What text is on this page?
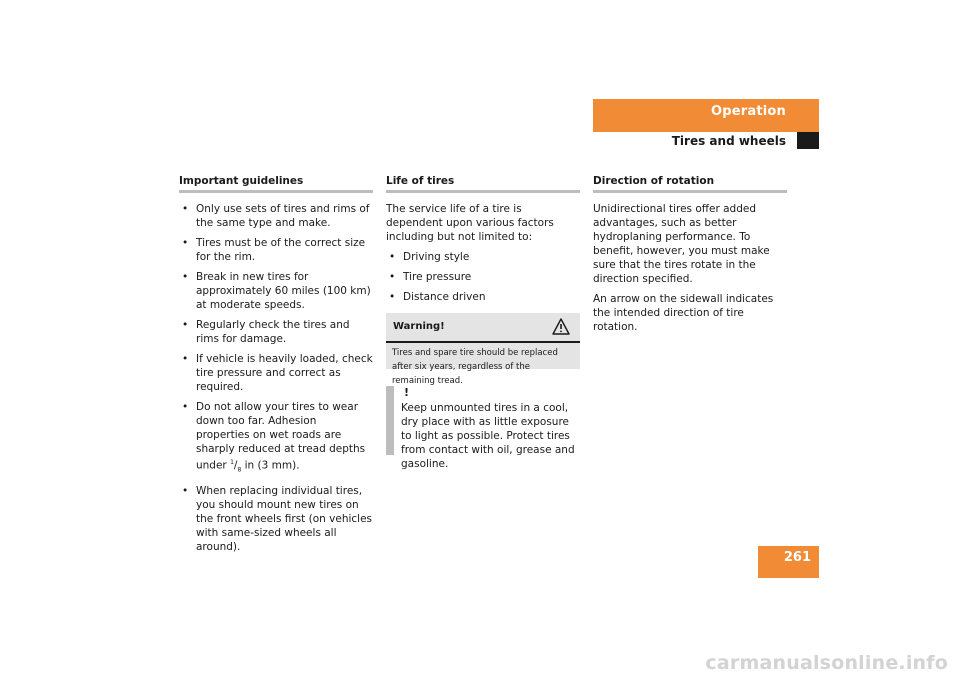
Operation
Tires and wheels
Important guidelines
• Only use sets of tires and rims of the same type and make.
• Tires must be of the correct size for the rim.
• Break in new tires for approximately 60 miles (100 km) at moderate speeds.
• Regularly check the tires and rims for damage.
• If vehicle is heavily loaded, check tire pressure and correct as required.
• Do not allow your tires to wear down too far. Adhesion properties on wet roads are sharply reduced at tread depths under $^1/_8$ in (3 mm).
• When replacing individual tires, you should mount new tires on the front wheels first (on vehicles with same-sized wheels all around).
Life of tires

The service life of a tire is dependent upon various factors including but not limited to:

• Driving style
• Tire pressure
• Distance driven
Warning!
Tires and spare tire should be replaced after six years, regardless of the remaining tread.
!
Keep unmounted tires in a cool, dry place with as little exposure to light as possible. Protect tires from contact with oil, grease and gasoline.
Direction of rotation

Unidirectional tires offer added advantages, such as better hydroplaning performance. To benefit, however, you must make sure that the tires rotate in the direction specified.

An arrow on the sidewall indicates the intended direction of tire rotation.

261
carmanualsonline.info
